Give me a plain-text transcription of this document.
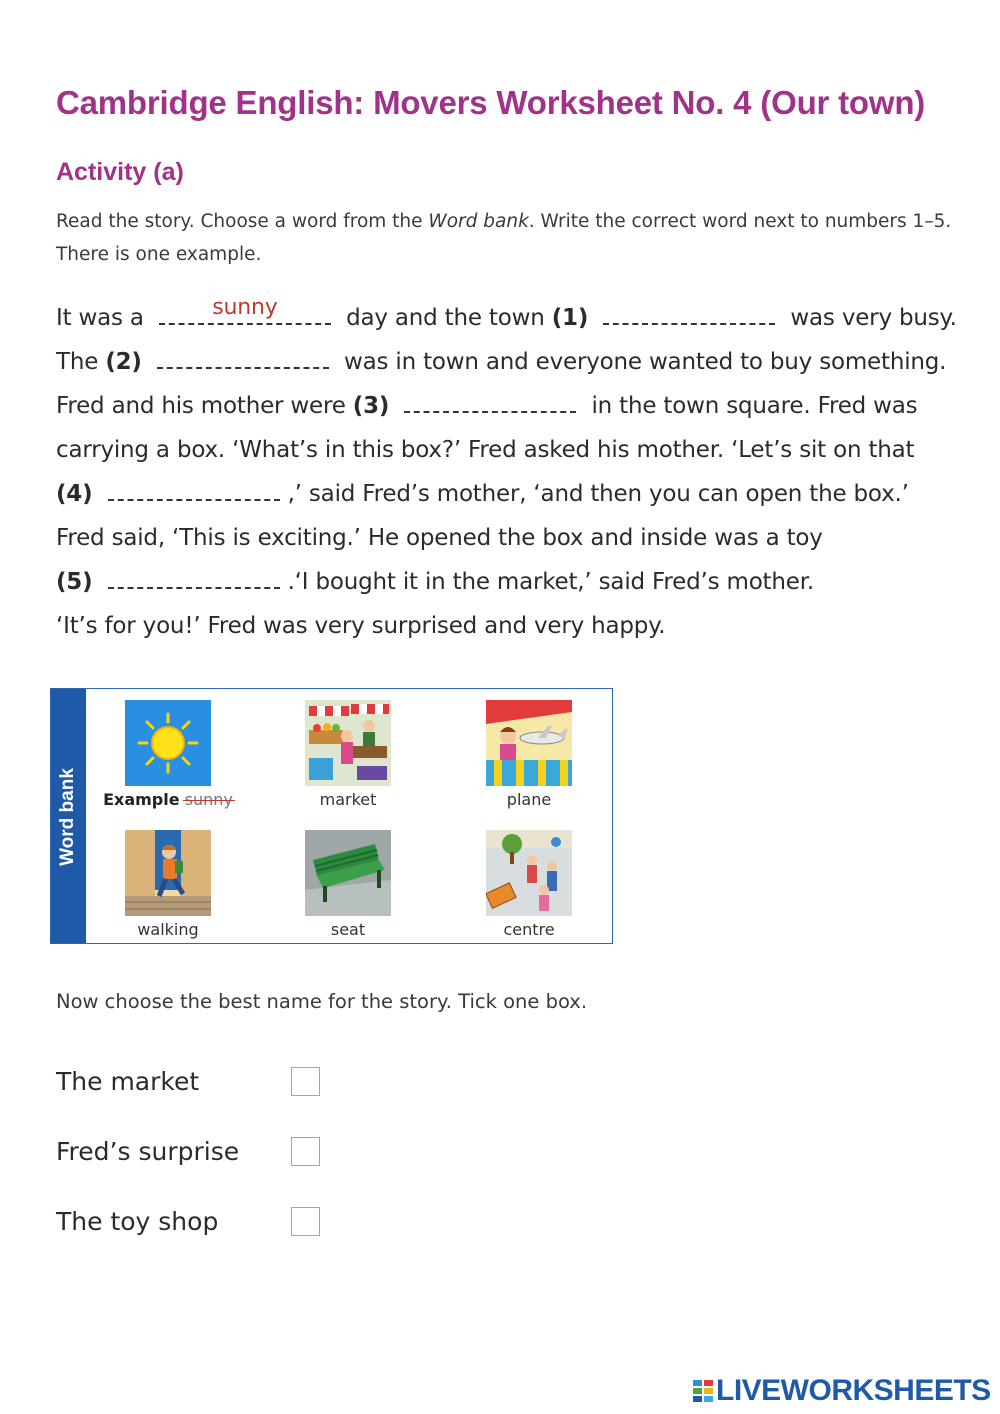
Cambridge English: Movers Worksheet No. 4 (Our town)
Activity (a)
Read the story. Choose a word from the Word bank. Write the correct word next to numbers 1–5.
There is one example.
It was a	sunny	day and the town (1)	was very busy.
The (2)	was in town and everyone wanted to buy something.
Fred and his mother were (3)	in the town square. Fred was
carrying a box. ‘What’s in this box?’ Fred asked his mother. ‘Let’s sit on that
(4)	,’ said Fred’s mother, ‘and then you can open the box.’
Fred said, ‘This is exciting.’ He opened the box and inside was a toy
(5)	.‘I bought it in the market,’ said Fred’s mother.
‘It’s for you!’ Fred was very surprised and very happy.
Word bank	Example sunny	market	plane
walking	seat	centre
Now choose the best name for the story. Tick one box.
The market
Fred’s surprise
The toy shop
LIVEWORKSHEETS
